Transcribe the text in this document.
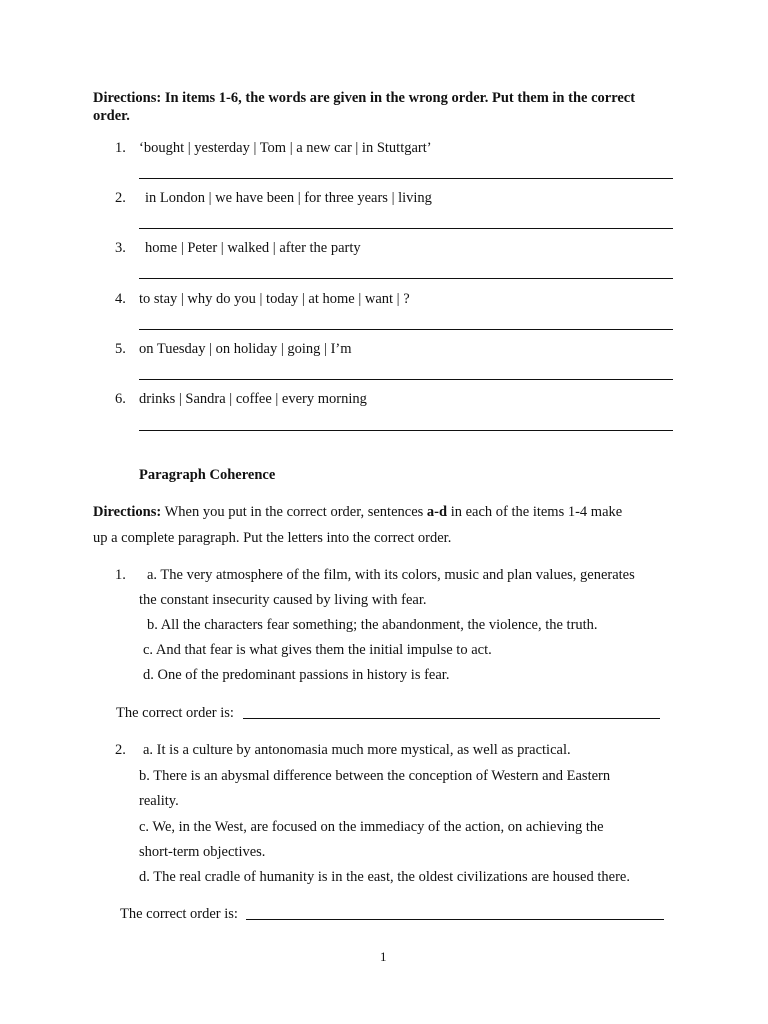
Directions: In items 1-6, the words are given in the wrong order. Put them in the correct
order.
1. ‘bought | yesterday | Tom | a new car | in Stuttgart’
2. in London | we have been | for three years | living
3. home | Peter | walked | after the party
4. to stay | why do you | today | at home | want | ?
5. on Tuesday | on holiday | going | I’m
6. drinks | Sandra | coffee | every morning
Paragraph Coherence
Directions: When you put in the correct order, sentences a-d in each of the items 1-4 make
up a complete paragraph. Put the letters into the correct order.
1. a. The very atmosphere of the film, with its colors, music and plan values, generates
the constant insecurity caused by living with fear.
b. All the characters fear something; the abandonment, the violence, the truth.
c. And that fear is what gives them the initial impulse to act.
d. One of the predominant passions in history is fear.
The correct order is:
2. a. It is a culture by antonomasia much more mystical, as well as practical.
b. There is an abysmal difference between the conception of Western and Eastern
reality.
c. We, in the West, are focused on the immediacy of the action, on achieving the
short-term objectives.
d. The real cradle of humanity is in the east, the oldest civilizations are housed there.
The correct order is:
1
